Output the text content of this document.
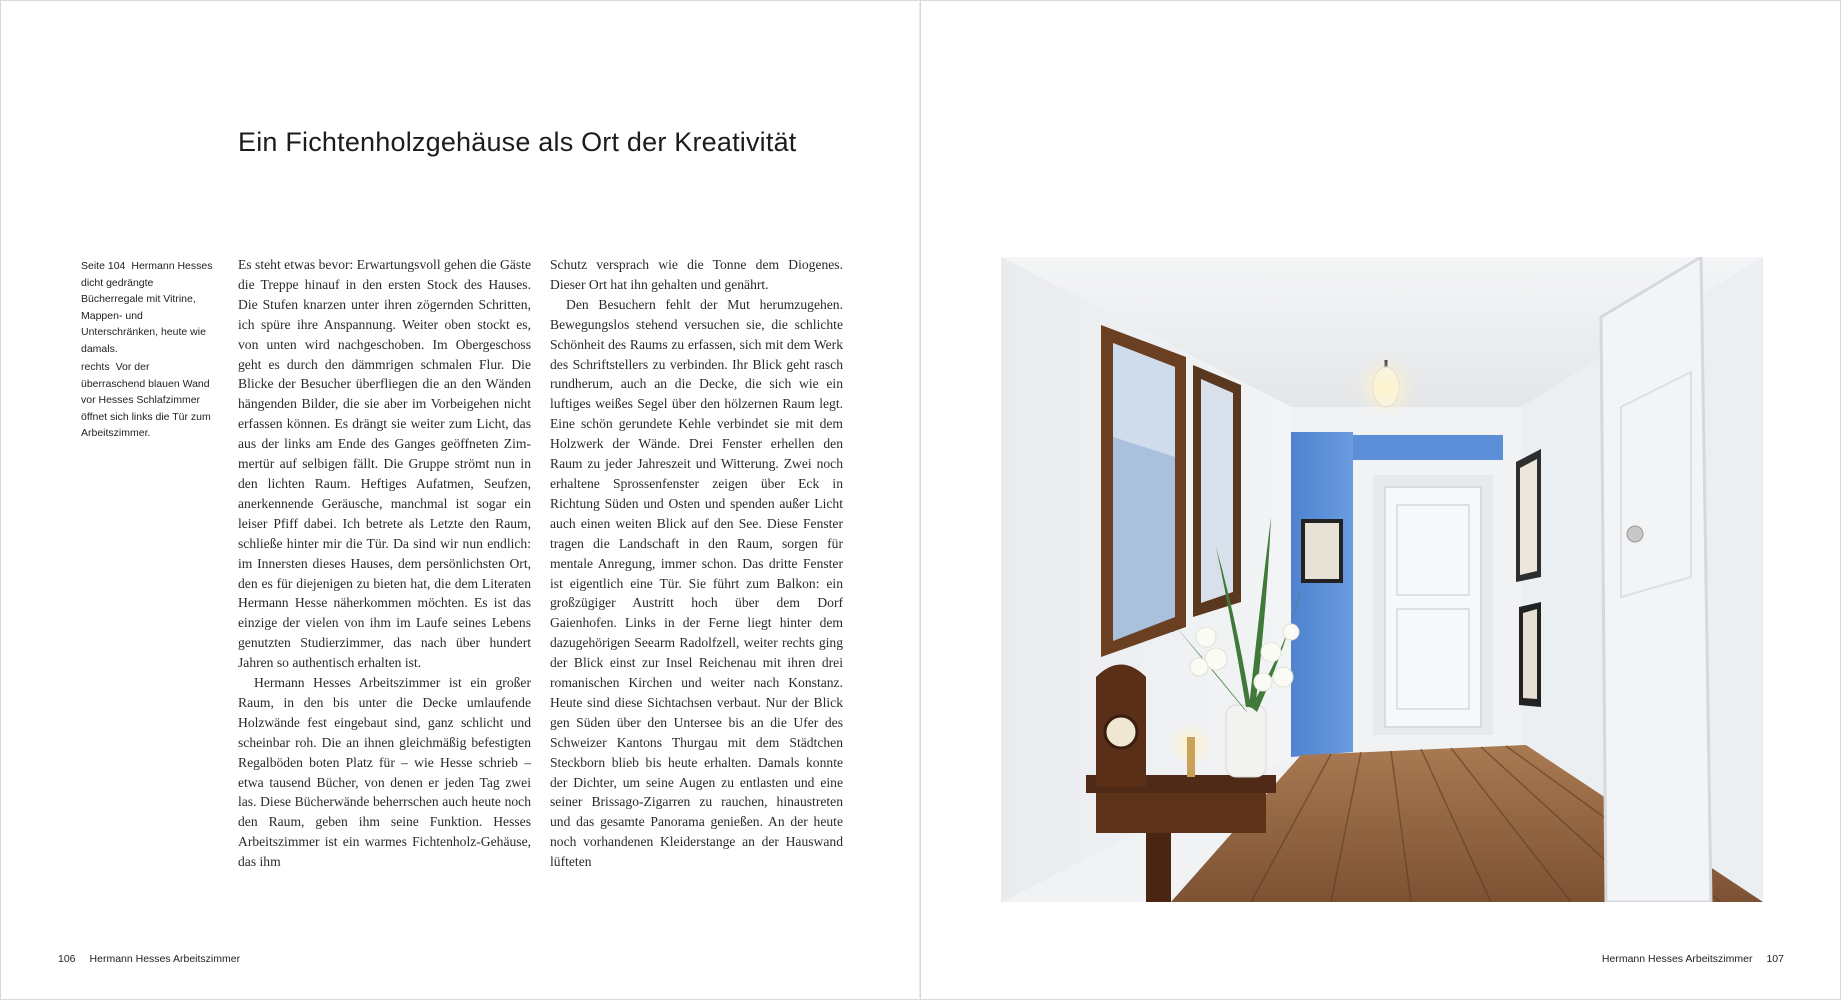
Ein Fichtenholzgehäuse als Ort der Kreativität
Seite 104 Hermann Hesses dicht gedrängte Bücherregale mit Vitrine, Mappen- und Unterschränken, heute wie damals.
rechts Vor der überraschend blauen Wand vor Hesses Schlafzimmer öffnet sich links die Tür zum Arbeitszimmer.

Es steht etwas bevor: Erwartungsvoll gehen die Gäste die Treppe hinauf in den ersten Stock des Hauses. Die Stufen knarzen unter ihren zögernden Schritten, ich spüre ihre Anspannung. Weiter oben stockt es, von unten wird nachgeschoben. Im Obergeschoss geht es durch den dämmrigen schmalen Flur. Die Blicke der Besucher überfliegen die an den Wänden hängenden Bilder, die sie aber im Vorbeigehen nicht erfassen können. Es drängt sie weiter zum Licht, das aus der links am Ende des Ganges geöffneten Zimmertür auf selbigen fällt. Die Gruppe strömt nun in den lichten Raum. Heftiges Aufatmen, Seufzen, anerkennende Geräusche, manchmal ist sogar ein leiser Pfiff dabei. Ich betrete als Letzte den Raum, schließe hinter mir die Tür. Da sind wir nun endlich: im Innersten dieses Hauses, dem persönlichsten Ort, den es für diejenigen zu bieten hat, die dem Literaten Hermann Hesse näherkommen möchten. Es ist das einzige der vielen von ihm im Laufe seines Lebens genutzten Studierzimmer, das nach über hundert Jahren so authentisch erhalten ist.

Hermann Hesses Arbeitszimmer ist ein großer Raum, in den bis unter die Decke umlaufende Holzwände fest eingebaut sind, ganz schlicht und scheinbar roh. Die an ihnen gleichmäßig befestigten Regalböden boten Platz für – wie Hesse schrieb – etwa tausend Bücher, von denen er jeden Tag zwei las. Diese Bücherwände beherrschen auch heute noch den Raum, geben ihm seine Funktion. Hesses Arbeitszimmer ist ein warmes Fichtenholz-Gehäuse, das ihm

Schutz versprach wie die Tonne dem Diogenes. Dieser Ort hat ihn gehalten und genährt.

Den Besuchern fehlt der Mut herumzugehen. Bewegungslos stehend versuchen sie, die schlichte Schönheit des Raums zu erfassen, sich mit dem Werk des Schriftstellers zu verbinden. Ihr Blick geht rasch rundherum, auch an die Decke, die sich wie ein luftiges weißes Segel über den hölzernen Raum legt. Eine schön gerundete Kehle verbindet sie mit dem Holzwerk der Wände. Drei Fenster erhellen den Raum zu jeder Jahreszeit und Witterung. Zwei noch erhaltene Sprossenfenster zeigen über Eck in Richtung Süden und Osten und spenden außer Licht auch einen weiten Blick auf den See. Diese Fenster tragen die Landschaft in den Raum, sorgen für mentale Anregung, immer schon. Das dritte Fenster ist eigentlich eine Tür. Sie führt zum Balkon: ein großzügiger Austritt hoch über dem Dorf Gaienhofen. Links in der Ferne liegt hinter dem dazugehörigen Seearm Radolfzell, weiter rechts ging der Blick einst zur Insel Reichenau mit ihren drei romanischen Kirchen und weiter nach Konstanz. Heute sind diese Sichtachsen verbaut. Nur der Blick gen Süden über den Untersee bis an die Ufer des Schweizer Kantons Thurgau mit dem Städtchen Steckborn blieb bis heute erhalten. Damals konnte der Dichter, um seine Augen zu entlasten und eine seiner Brissago-Zigarren zu rauchen, hinaustreten und das gesamte Panorama genießen. An der heute noch vorhandenen Kleiderstange an der Hauswand lüfteten

106 Hermann Hesses Arbeitszimmer	Hermann Hesses Arbeitszimmer 107
